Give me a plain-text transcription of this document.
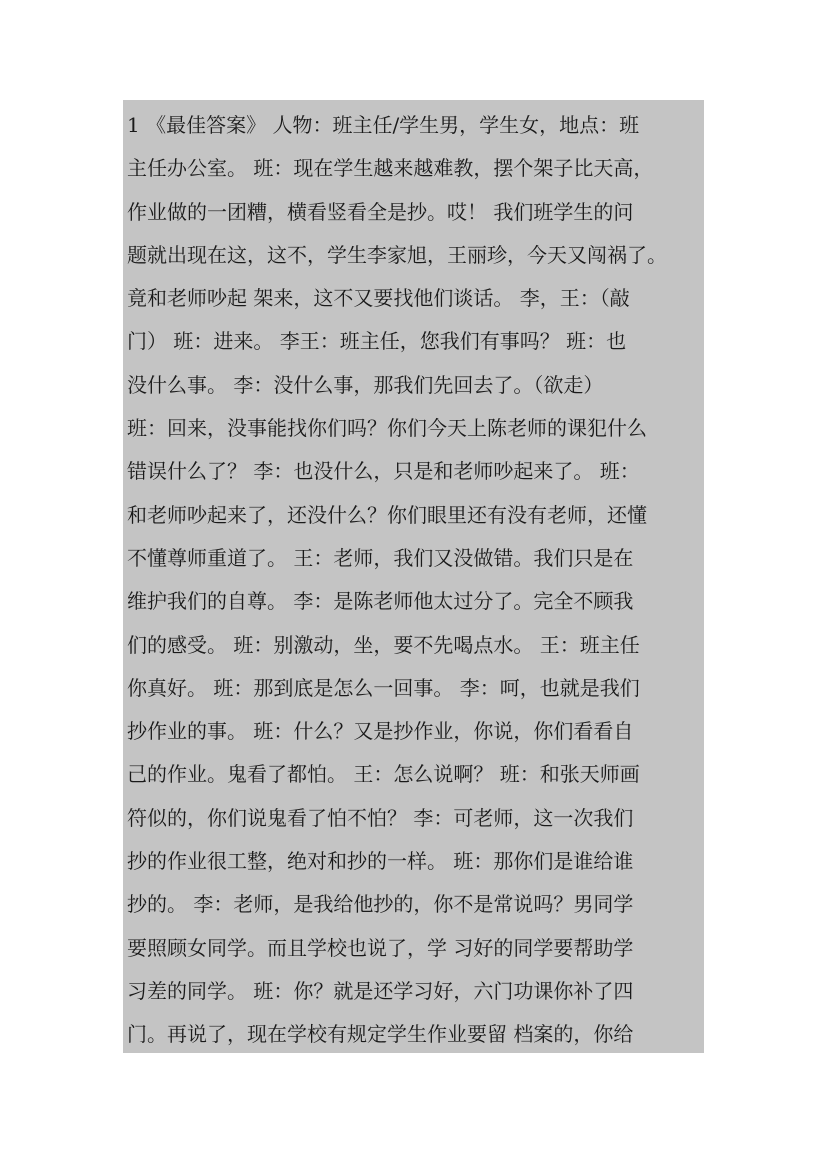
1 《最佳答案》 人物：班主任/学生男，学生女，地点：班
主任办公室。 班：现在学生越来越难教，摆个架子比天高，
作业做的一团糟，横看竖看全是抄。哎！ 我们班学生的问
题就出现在这，这不，学生李家旭，王丽珍，今天又闯祸了。
竟和老师吵起 架来，这不又要找他们谈话。 李，王：（敲
门） 班：进来。 李王：班主任，您我们有事吗？ 班：也
没什么事。 李：没什么事，那我们先回去了。（欲走）
班：回来，没事能找你们吗？你们今天上陈老师的课犯什么
错误什么了？ 李：也没什么，只是和老师吵起来了。 班：
和老师吵起来了，还没什么？你们眼里还有没有老师，还懂
不懂尊师重道了。 王：老师，我们又没做错。我们只是在
维护我们的自尊。 李：是陈老师他太过分了。完全不顾我
们的感受。 班：别激动，坐，要不先喝点水。 王：班主任
你真好。 班：那到底是怎么一回事。 李：呵，也就是我们
抄作业的事。 班：什么？又是抄作业，你说，你们看看自
己的作业。鬼看了都怕。 王：怎么说啊？ 班：和张天师画
符似的，你们说鬼看了怕不怕？ 李：可老师，这一次我们
抄的作业很工整，绝对和抄的一样。 班：那你们是谁给谁
抄的。 李：老师，是我给他抄的，你不是常说吗？男同学
要照顾女同学。而且学校也说了，学 习好的同学要帮助学
习差的同学。 班：你？就是还学习好，六门功课你补了四
门。再说了，现在学校有规定学生作业要留 档案的，你给
